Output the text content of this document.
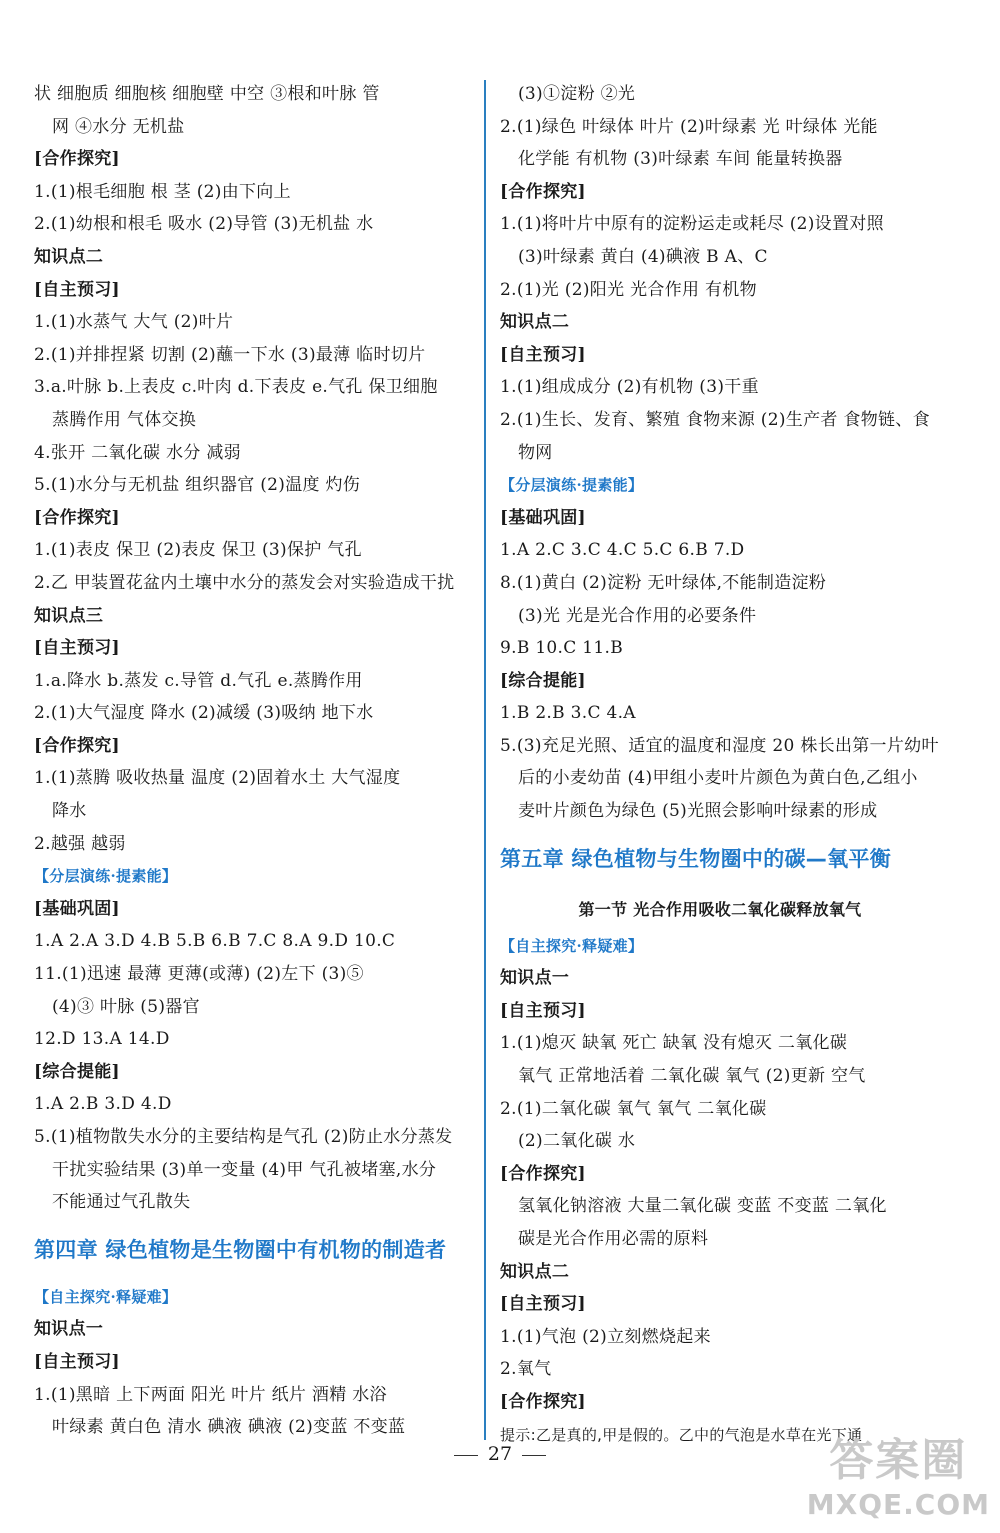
状 细胞质 细胞核 细胞壁 中空 ③根和叶脉 管
网 ④水分 无机盐
[合作探究]
1.(1)根毛细胞 根 茎 (2)由下向上
2.(1)幼根和根毛 吸水 (2)导管 (3)无机盐 水
知识点二
[自主预习]
1.(1)水蒸气 大气 (2)叶片
2.(1)并排捏紧 切割 (2)蘸一下水 (3)最薄 临时切片
3.a.叶脉 b.上表皮 c.叶肉 d.下表皮 e.气孔 保卫细胞
蒸腾作用 气体交换
4.张开 二氧化碳 水分 减弱
5.(1)水分与无机盐 组织器官 (2)温度 灼伤
[合作探究]
1.(1)表皮 保卫 (2)表皮 保卫 (3)保护 气孔
2.乙 甲装置花盆内土壤中水分的蒸发会对实验造成干扰
知识点三
[自主预习]
1.a.降水 b.蒸发 c.导管 d.气孔 e.蒸腾作用
2.(1)大气湿度 降水 (2)减缓 (3)吸纳 地下水
[合作探究]
1.(1)蒸腾 吸收热量 温度 (2)固着水土 大气湿度
降水
2.越强 越弱
【分层演练·提素能】
[基础巩固]
1.A 2.A 3.D 4.B 5.B 6.B 7.C 8.A 9.D 10.C
11.(1)迅速 最薄 更薄(或薄) (2)左下 (3)⑤
(4)③ 叶脉 (5)器官
12.D 13.A 14.D
[综合提能]
1.A 2.B 3.D 4.D
5.(1)植物散失水分的主要结构是气孔 (2)防止水分蒸发
干扰实验结果 (3)单一变量 (4)甲 气孔被堵塞,水分
不能通过气孔散失
第四章 绿色植物是生物圈中有机物的制造者
【自主探究·释疑难】
知识点一
[自主预习]
1.(1)黑暗 上下两面 阳光 叶片 纸片 酒精 水浴
叶绿素 黄白色 清水 碘液 碘液 (2)变蓝 不变蓝
(3)①淀粉 ②光
2.(1)绿色 叶绿体 叶片 (2)叶绿素 光 叶绿体 光能
化学能 有机物 (3)叶绿素 车间 能量转换器
[合作探究]
1.(1)将叶片中原有的淀粉运走或耗尽 (2)设置对照
(3)叶绿素 黄白 (4)碘液 B A、C
2.(1)光 (2)阳光 光合作用 有机物
知识点二
[自主预习]
1.(1)组成成分 (2)有机物 (3)干重
2.(1)生长、发育、繁殖 食物来源 (2)生产者 食物链、食
物网
【分层演练·提素能】
[基础巩固]
1.A 2.C 3.C 4.C 5.C 6.B 7.D
8.(1)黄白 (2)淀粉 无叶绿体,不能制造淀粉
(3)光 光是光合作用的必要条件
9.B 10.C 11.B
[综合提能]
1.B 2.B 3.C 4.A
5.(3)充足光照、适宜的温度和湿度 20 株长出第一片幼叶
后的小麦幼苗 (4)甲组小麦叶片颜色为黄白色,乙组小
麦叶片颜色为绿色 (5)光照会影响叶绿素的形成
第五章 绿色植物与生物圈中的碳—氧平衡
第一节 光合作用吸收二氧化碳释放氧气
【自主探究·释疑难】
知识点一
[自主预习]
1.(1)熄灭 缺氧 死亡 缺氧 没有熄灭 二氧化碳
氧气 正常地活着 二氧化碳 氧气 (2)更新 空气
2.(1)二氧化碳 氧气 氧气 二氧化碳
(2)二氧化碳 水
[合作探究]
氢氧化钠溶液 大量二氧化碳 变蓝 不变蓝 二氧化
碳是光合作用必需的原料
知识点二
[自主预习]
1.(1)气泡 (2)立刻燃烧起来
2.氧气
[合作探究]
提示:乙是真的,甲是假的。乙中的气泡是水草在光下通
27	答案圈
MXQE.COM
